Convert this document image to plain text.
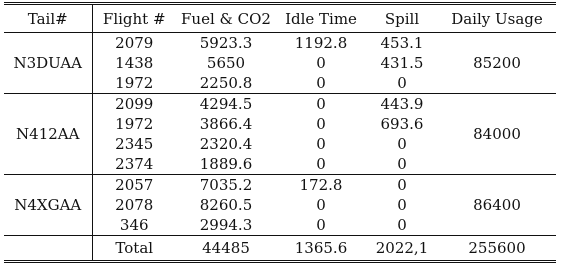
Tail#	Flight #	Fuel & CO2	Idle Time	Spill	Daily Usage
N3DUAA	2079	5923.3	1192.8	453.1	85200
	1438	5650	0	431.5	
	1972	2250.8	0	0	
N412AA	2099	4294.5	0	443.9	84000
	1972	3866.4	0	693.6	
	2345	2320.4	0	0	
	2374	1889.6	0	0	
N4XGAA	2057	7035.2	172.8	0	86400
	2078	8260.5	0	0	
	346	2994.3	0	0	
	Total	44485	1365.6	2022,1	255600
